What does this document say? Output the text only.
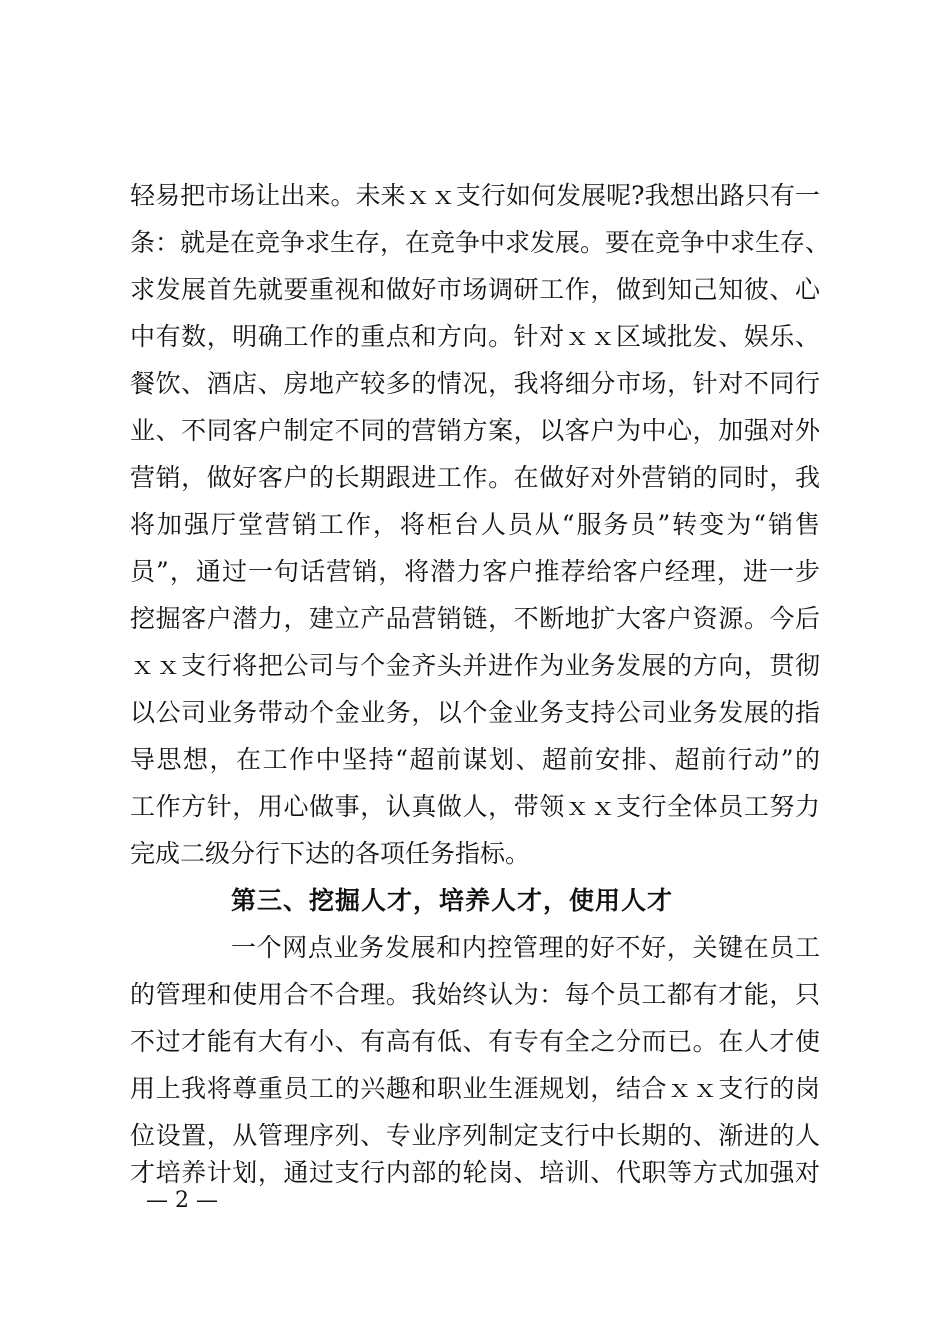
轻易把市场让出来。未来ｘｘ支行如何发展呢?我想出路只有一
条：就是在竞争求生存，在竞争中求发展。要在竞争中求生存、
求发展首先就要重视和做好市场调研工作，做到知己知彼、心
中有数，明确工作的重点和方向。针对ｘｘ区域批发、娱乐、
餐饮、酒店、房地产较多的情况，我将细分市场，针对不同行
业、不同客户制定不同的营销方案，以客户为中心，加强对外
营销，做好客户的长期跟进工作。在做好对外营销的同时，我
将加强厅堂营销工作，将柜台人员从“服务员”转变为“销售
员”，通过一句话营销，将潜力客户推荐给客户经理，进一步
挖掘客户潜力，建立产品营销链，不断地扩大客户资源。今后
ｘｘ支行将把公司与个金齐头并进作为业务发展的方向，贯彻
以公司业务带动个金业务，以个金业务支持公司业务发展的指
导思想，在工作中坚持“超前谋划、超前安排、超前行动”的
工作方针，用心做事，认真做人，带领ｘｘ支行全体员工努力
完成二级分行下达的各项任务指标。
第三、挖掘人才，培养人才，使用人才
一个网点业务发展和内控管理的好不好，关键在员工
的管理和使用合不合理。我始终认为：每个员工都有才能，只
不过才能有大有小、有高有低、有专有全之分而已。在人才使
用上我将尊重员工的兴趣和职业生涯规划，结合ｘｘ支行的岗
位设置，从管理序列、专业序列制定支行中长期的、渐进的人
才培养计划，通过支行内部的轮岗、培训、代职等方式加强对
— 2 —
